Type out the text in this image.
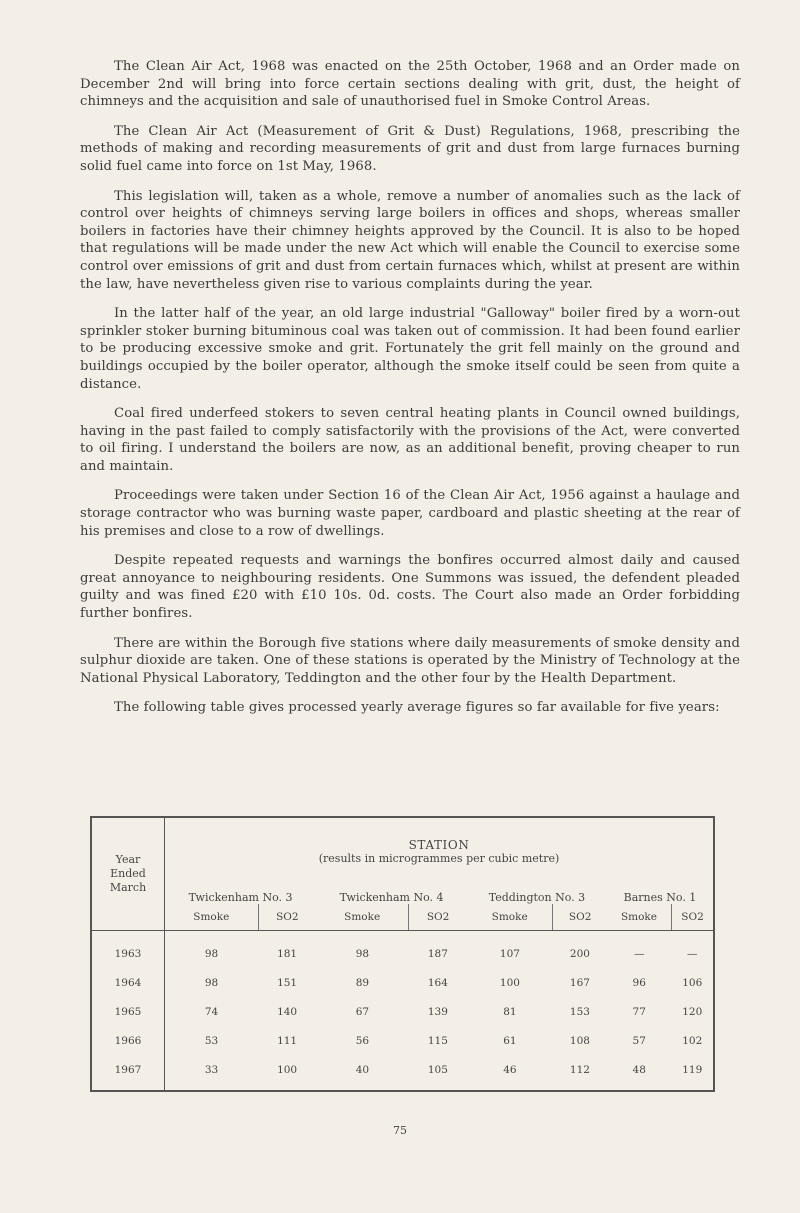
The Clean Air Act, 1968 was enacted on the 25th October, 1968 and an Order made on December 2nd will bring into force certain sections dealing with grit, dust, the height of chimneys and the acquisition and sale of unauthorised fuel in Smoke Control Areas.

The Clean Air Act (Measurement of Grit & Dust) Regulations, 1968, prescribing the methods of making and recording measurements of grit and dust from large furnaces burning solid fuel came into force on 1st May, 1968.

This legislation will, taken as a whole, remove a number of anomalies such as the lack of control over heights of chimneys serving large boilers in offices and shops, whereas smaller boilers in factories have their chimney heights approved by the Council. It is also to be hoped that regulations will be made under the new Act which will enable the Council to exercise some control over emissions of grit and dust from certain furnaces which, whilst at present are within the law, have nevertheless given rise to various complaints during the year.

In the latter half of the year, an old large industrial "Galloway" boiler fired by a worn-out sprinkler stoker burning bituminous coal was taken out of commission. It had been found earlier to be producing excessive smoke and grit. Fortunately the grit fell mainly on the ground and buildings occupied by the boiler operator, although the smoke itself could be seen from quite a distance.

Coal fired underfeed stokers to seven central heating plants in Council owned buildings, having in the past failed to comply satisfactorily with the provisions of the Act, were converted to oil firing. I understand the boilers are now, as an additional benefit, proving cheaper to run and maintain.

Proceedings were taken under Section 16 of the Clean Air Act, 1956 against a haulage and storage contractor who was burning waste paper, cardboard and plastic sheeting at the rear of his premises and close to a row of dwellings.

Despite repeated requests and warnings the bonfires occurred almost daily and caused great annoyance to neighbouring residents. One Summons was issued, the defendent pleaded guilty and was fined £20 with £10 10s. 0d. costs. The Court also made an Order forbidding further bonfires.

There are within the Borough five stations where daily measurements of smoke density and sulphur dioxide are taken. One of these stations is operated by the Ministry of Technology at the National Physical Laboratory, Teddington and the other four by the Health Department.

The following table gives processed yearly average figures so far available for five years:

Year
Ended
March	STATION							
	(results in microgrammes per cubic metre)							
	Twickenham No. 3		Twickenham No. 4		Teddington No. 3		Barnes No. 1	
	Smoke	SO2	Smoke	SO2	Smoke	SO2	Smoke	SO2
1963	98	181	98	187	107	200	—	—
1964	98	151	89	164	100	167	96	106
1965	74	140	67	139	81	153	77	120
1966	53	111	56	115	61	108	57	102
1967	33	100	40	105	46	112	48	119
75
